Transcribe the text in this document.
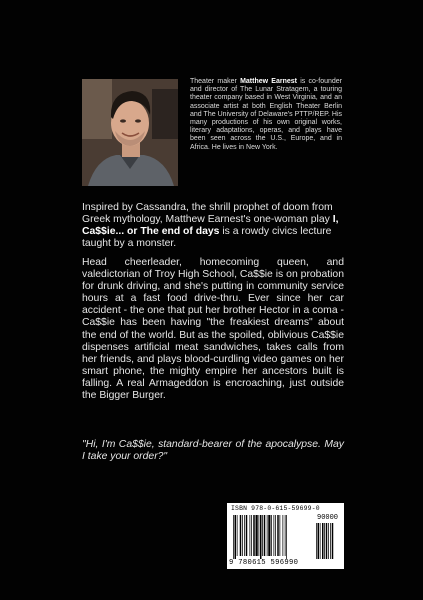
Theater maker Matthew Earnest is co-founder and director of The Lunar Stratagem, a touring theater company based in West Virginia, and an associate artist at both English Theater Berlin and The University of Delaware's PTTP/REP. His many productions of his own original works, literary adaptations, operas, and plays have been seen across the U.S., Europe, and in Africa. He lives in New York.
Inspired by Cassandra, the shrill prophet of doom from Greek mythology, Matthew Earnest's one-woman play I, Ca$$ie... or The end of days is a rowdy civics lecture taught by a monster.
Head cheerleader, homecoming queen, and valedictorian of Troy High School, Ca$$ie is on probation for drunk driving, and she's putting in community service hours at a fast food drive-thru. Ever since her car accident - the one that put her brother Hector in a coma - Ca$$ie has been having "the freakiest dreams" about the end of the world. But as the spoiled, oblivious Ca$$ie dispenses artificial meat sandwiches, takes calls from her friends, and plays blood-curdling video games on her smart phone, the mighty empire her ancestors built is falling. A real Armageddon is encroaching, just outside the Bigger Burger.
"Hi, I'm Ca$$ie, standard-bearer of the apocalypse. May I take your order?"
ISBN 978-0-615-59699-0
90000
9 780615 596990
